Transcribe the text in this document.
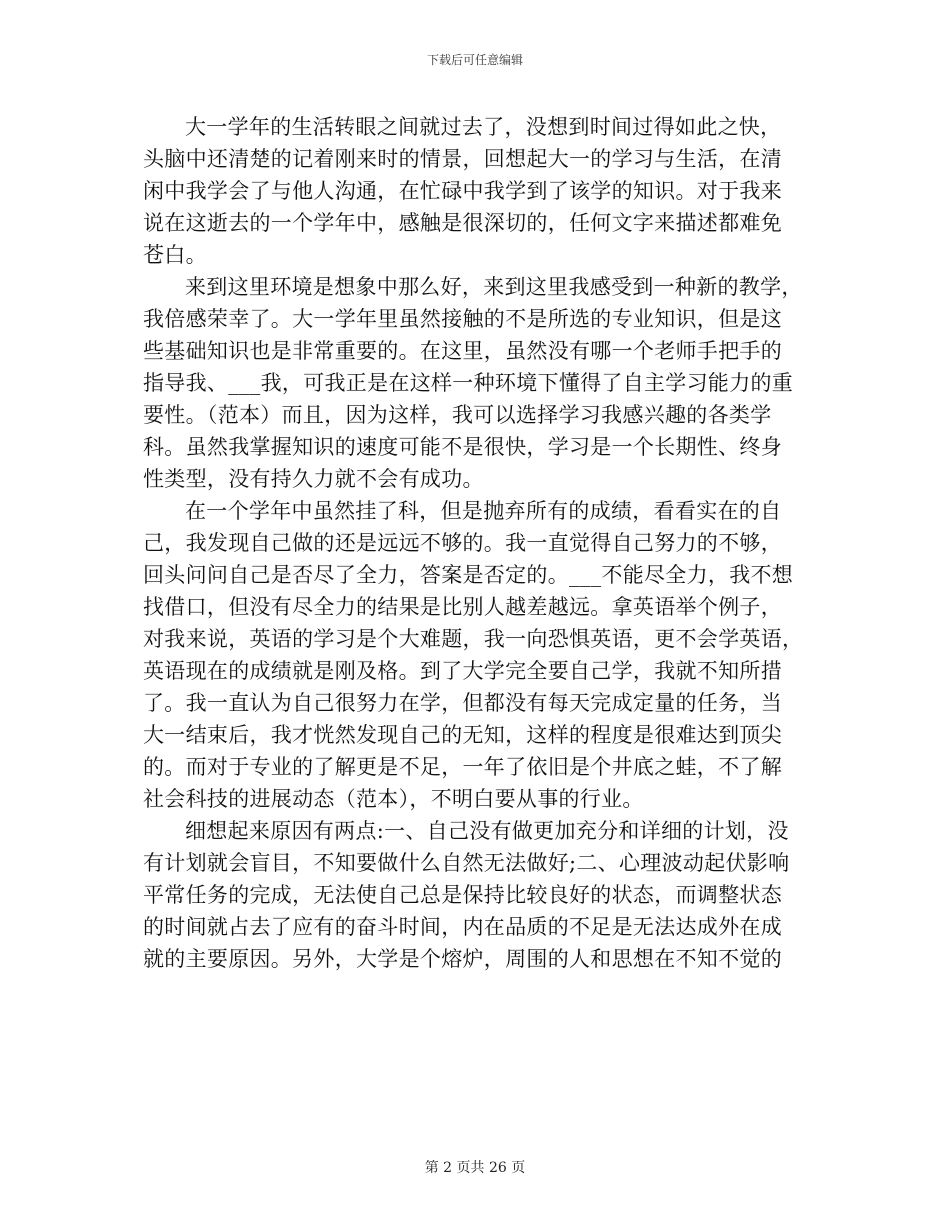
下载后可任意编辑
大一学年的生活转眼之间就过去了，没想到时间过得如此之快，
头脑中还清楚的记着刚来时的情景，回想起大一的学习与生活，在清
闲中我学会了与他人沟通，在忙碌中我学到了该学的知识。对于我来
说在这逝去的一个学年中，感触是很深切的，任何文字来描述都难免
苍白。
来到这里环境是想象中那么好，来到这里我感受到一种新的教学，
我倍感荣幸了。大一学年里虽然接触的不是所选的专业知识，但是这
些基础知识也是非常重要的。在这里，虽然没有哪一个老师手把手的
指导我、___我，可我正是在这样一种环境下懂得了自主学习能力的重
要性。（范本）而且，因为这样，我可以选择学习我感兴趣的各类学
科。虽然我掌握知识的速度可能不是很快，学习是一个长期性、终身
性类型，没有持久力就不会有成功。
在一个学年中虽然挂了科，但是抛弃所有的成绩，看看实在的自
己，我发现自己做的还是远远不够的。我一直觉得自己努力的不够，
回头问问自己是否尽了全力，答案是否定的。___不能尽全力，我不想
找借口，但没有尽全力的结果是比别人越差越远。拿英语举个例子，
对我来说，英语的学习是个大难题，我一向恐惧英语，更不会学英语，
英语现在的成绩就是刚及格。到了大学完全要自己学，我就不知所措
了。我一直认为自己很努力在学，但都没有每天完成定量的任务，当
大一结束后，我才恍然发现自己的无知，这样的程度是很难达到顶尖
的。而对于专业的了解更是不足，一年了依旧是个井底之蛙，不了解
社会科技的进展动态（范本），不明白要从事的行业。
细想起来原因有两点:一、自己没有做更加充分和详细的计划，没
有计划就会盲目，不知要做什么自然无法做好;二、心理波动起伏影响
平常任务的完成，无法使自己总是保持比较良好的状态，而调整状态
的时间就占去了应有的奋斗时间，内在品质的不足是无法达成外在成
就的主要原因。另外，大学是个熔炉，周围的人和思想在不知不觉的
第 2 页共 26 页
